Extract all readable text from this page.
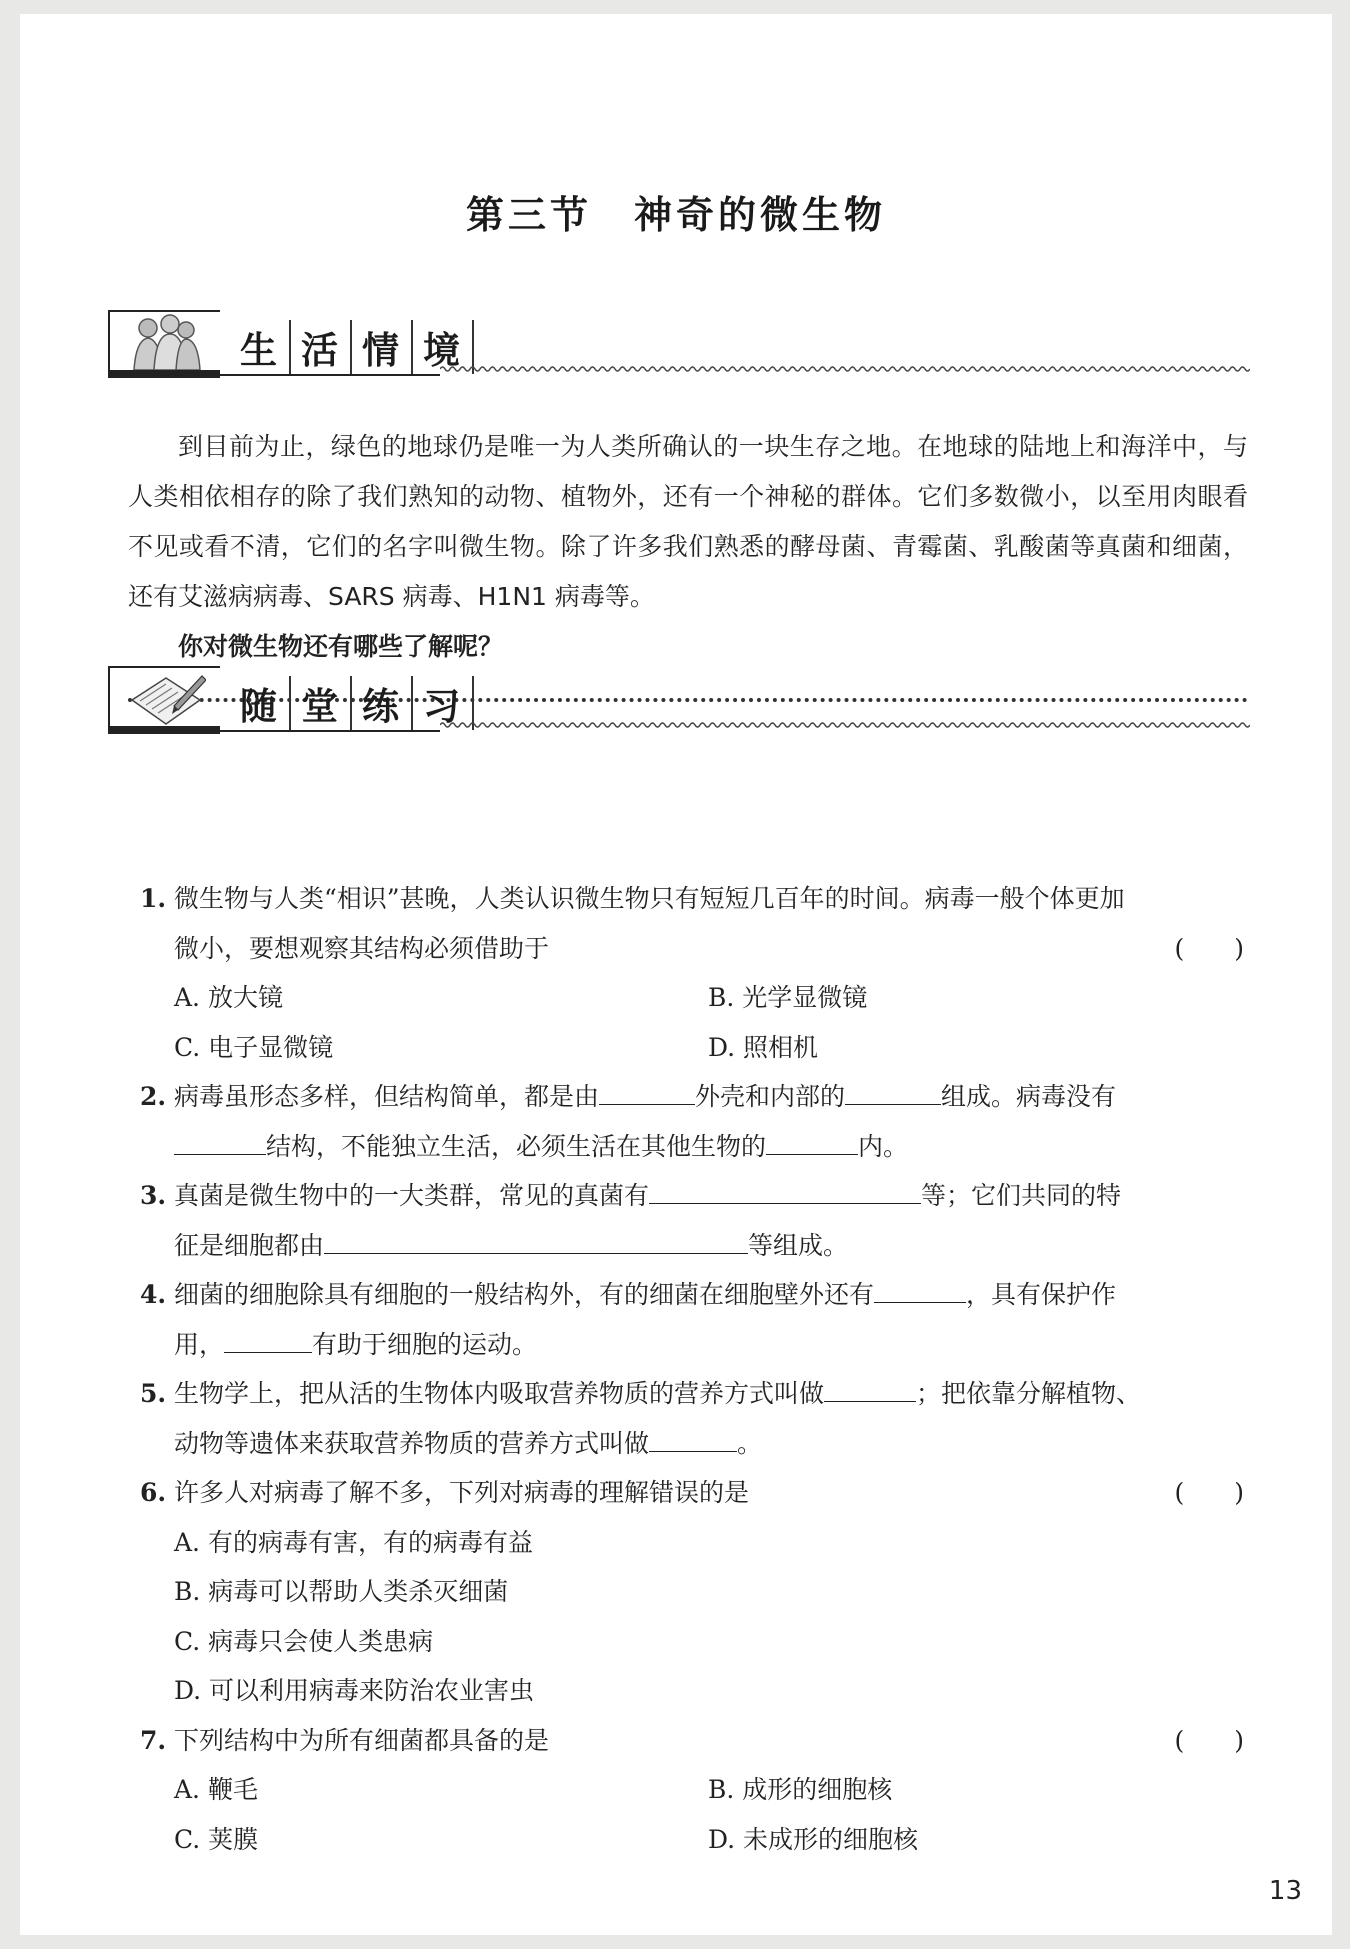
第三节　神奇的微生物
生 活 情 境

到目前为止，绿色的地球仍是唯一为人类所确认的一块生存之地。在地球的陆地上和海洋中，与人类相依相存的除了我们熟知的动物、植物外，还有一个神秘的群体。它们多数微小，以至用肉眼看不见或看不清，它们的名字叫微生物。除了许多我们熟悉的酵母菌、青霉菌、乳酸菌等真菌和细菌，还有艾滋病病毒、SARS 病毒、H1N1 病毒等。

你对微生物还有哪些了解呢？

随 堂 练 习
1. 微生物与人类“相识”甚晚，人类认识微生物只有短短几百年的时间。病毒一般个体更加
微小，要想观察其结构必须借助于	(　　)
A. 放大镜	B. 光学显微镜
C. 电子显微镜	D. 照相机
2. 病毒虽形态多样，但结构简单，都是由	外壳和内部的	组成。病毒没有
结构，不能独立生活，必须生活在其他生物的	内。
3. 真菌是微生物中的一大类群，常见的真菌有	等；它们共同的特
征是细胞都由	等组成。
4. 细菌的细胞除具有细胞的一般结构外，有的细菌在细胞壁外还有	，具有保护作
用，	有助于细胞的运动。
5. 生物学上，把从活的生物体内吸取营养物质的营养方式叫做	；把依靠分解植物、
动物等遗体来获取营养物质的营养方式叫做	。
6. 许多人对病毒了解不多，下列对病毒的理解错误的是	(　　)
A. 有的病毒有害，有的病毒有益
B. 病毒可以帮助人类杀灭细菌
C. 病毒只会使人类患病
D. 可以利用病毒来防治农业害虫
7. 下列结构中为所有细菌都具备的是	(　　)
A. 鞭毛	B. 成形的细胞核
C. 荚膜	D. 未成形的细胞核
13
